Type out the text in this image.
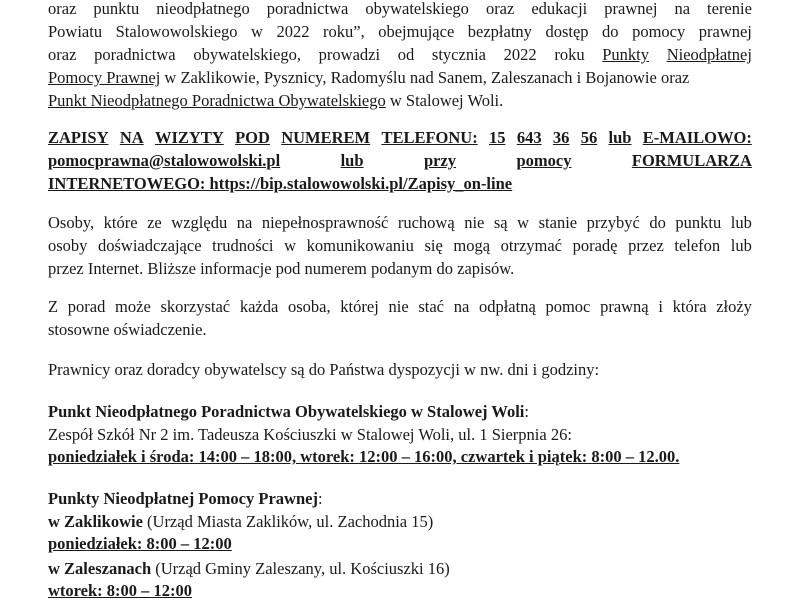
oraz punktu nieodpłatnego poradnictwa obywatelskiego oraz edukacji prawnej na terenie
Powiatu Stalowowolskiego w 2022 roku”, obejmujące bezpłatny dostęp do pomocy prawnej
oraz poradnictwa obywatelskiego, prowadzi od stycznia 2022 roku Punkty Nieodpłatnej
Pomocy Prawnej w Zaklikowie, Pysznicy, Radomyślu nad Sanem, Zaleszanach i Bojanowie oraz
Punkt Nieodpłatnego Poradnictwa Obywatelskiego w Stalowej Woli.
ZAPISY NA WIZYTY POD NUMEREM TELEFONU: 15 643 36 56 lub E-MAILOWO:
pomocprawna@stalowowolski.pl	lub	przy	pomocy	FORMULARZA
INTERNETOWEGO: https://bip.stalowowolski.pl/Zapisy_on-line
Osoby, które ze względu na niepełnosprawność ruchową nie są w stanie przybyć do punktu lub
osoby doświadczające trudności w komunikowaniu się mogą otrzymać poradę przez telefon lub
przez Internet. Bliższe informacje pod numerem podanym do zapisów.
Z porad może skorzystać każda osoba, której nie stać na odpłatną pomoc prawną i która złoży
stosowne oświadczenie.
Prawnicy oraz doradcy obywatelscy są do Państwa dyspozycji w nw. dni i godziny:
Punkt Nieodpłatnego Poradnictwa Obywatelskiego w Stalowej Woli:
Zespół Szkół Nr 2 im. Tadeusza Kościuszki w Stalowej Woli, ul. 1 Sierpnia 26:
poniedziałek i środa: 14:00 – 18:00, wtorek: 12:00 – 16:00, czwartek i piątek: 8:00 – 12.00.
Punkty Nieodpłatnej Pomocy Prawnej:
w Zaklikowie (Urząd Miasta Zaklików, ul. Zachodnia 15)
poniedziałek: 8:00 – 12:00
w Zaleszanach (Urząd Gminy Zaleszany, ul. Kościuszki 16)
wtorek: 8:00 – 12:00
